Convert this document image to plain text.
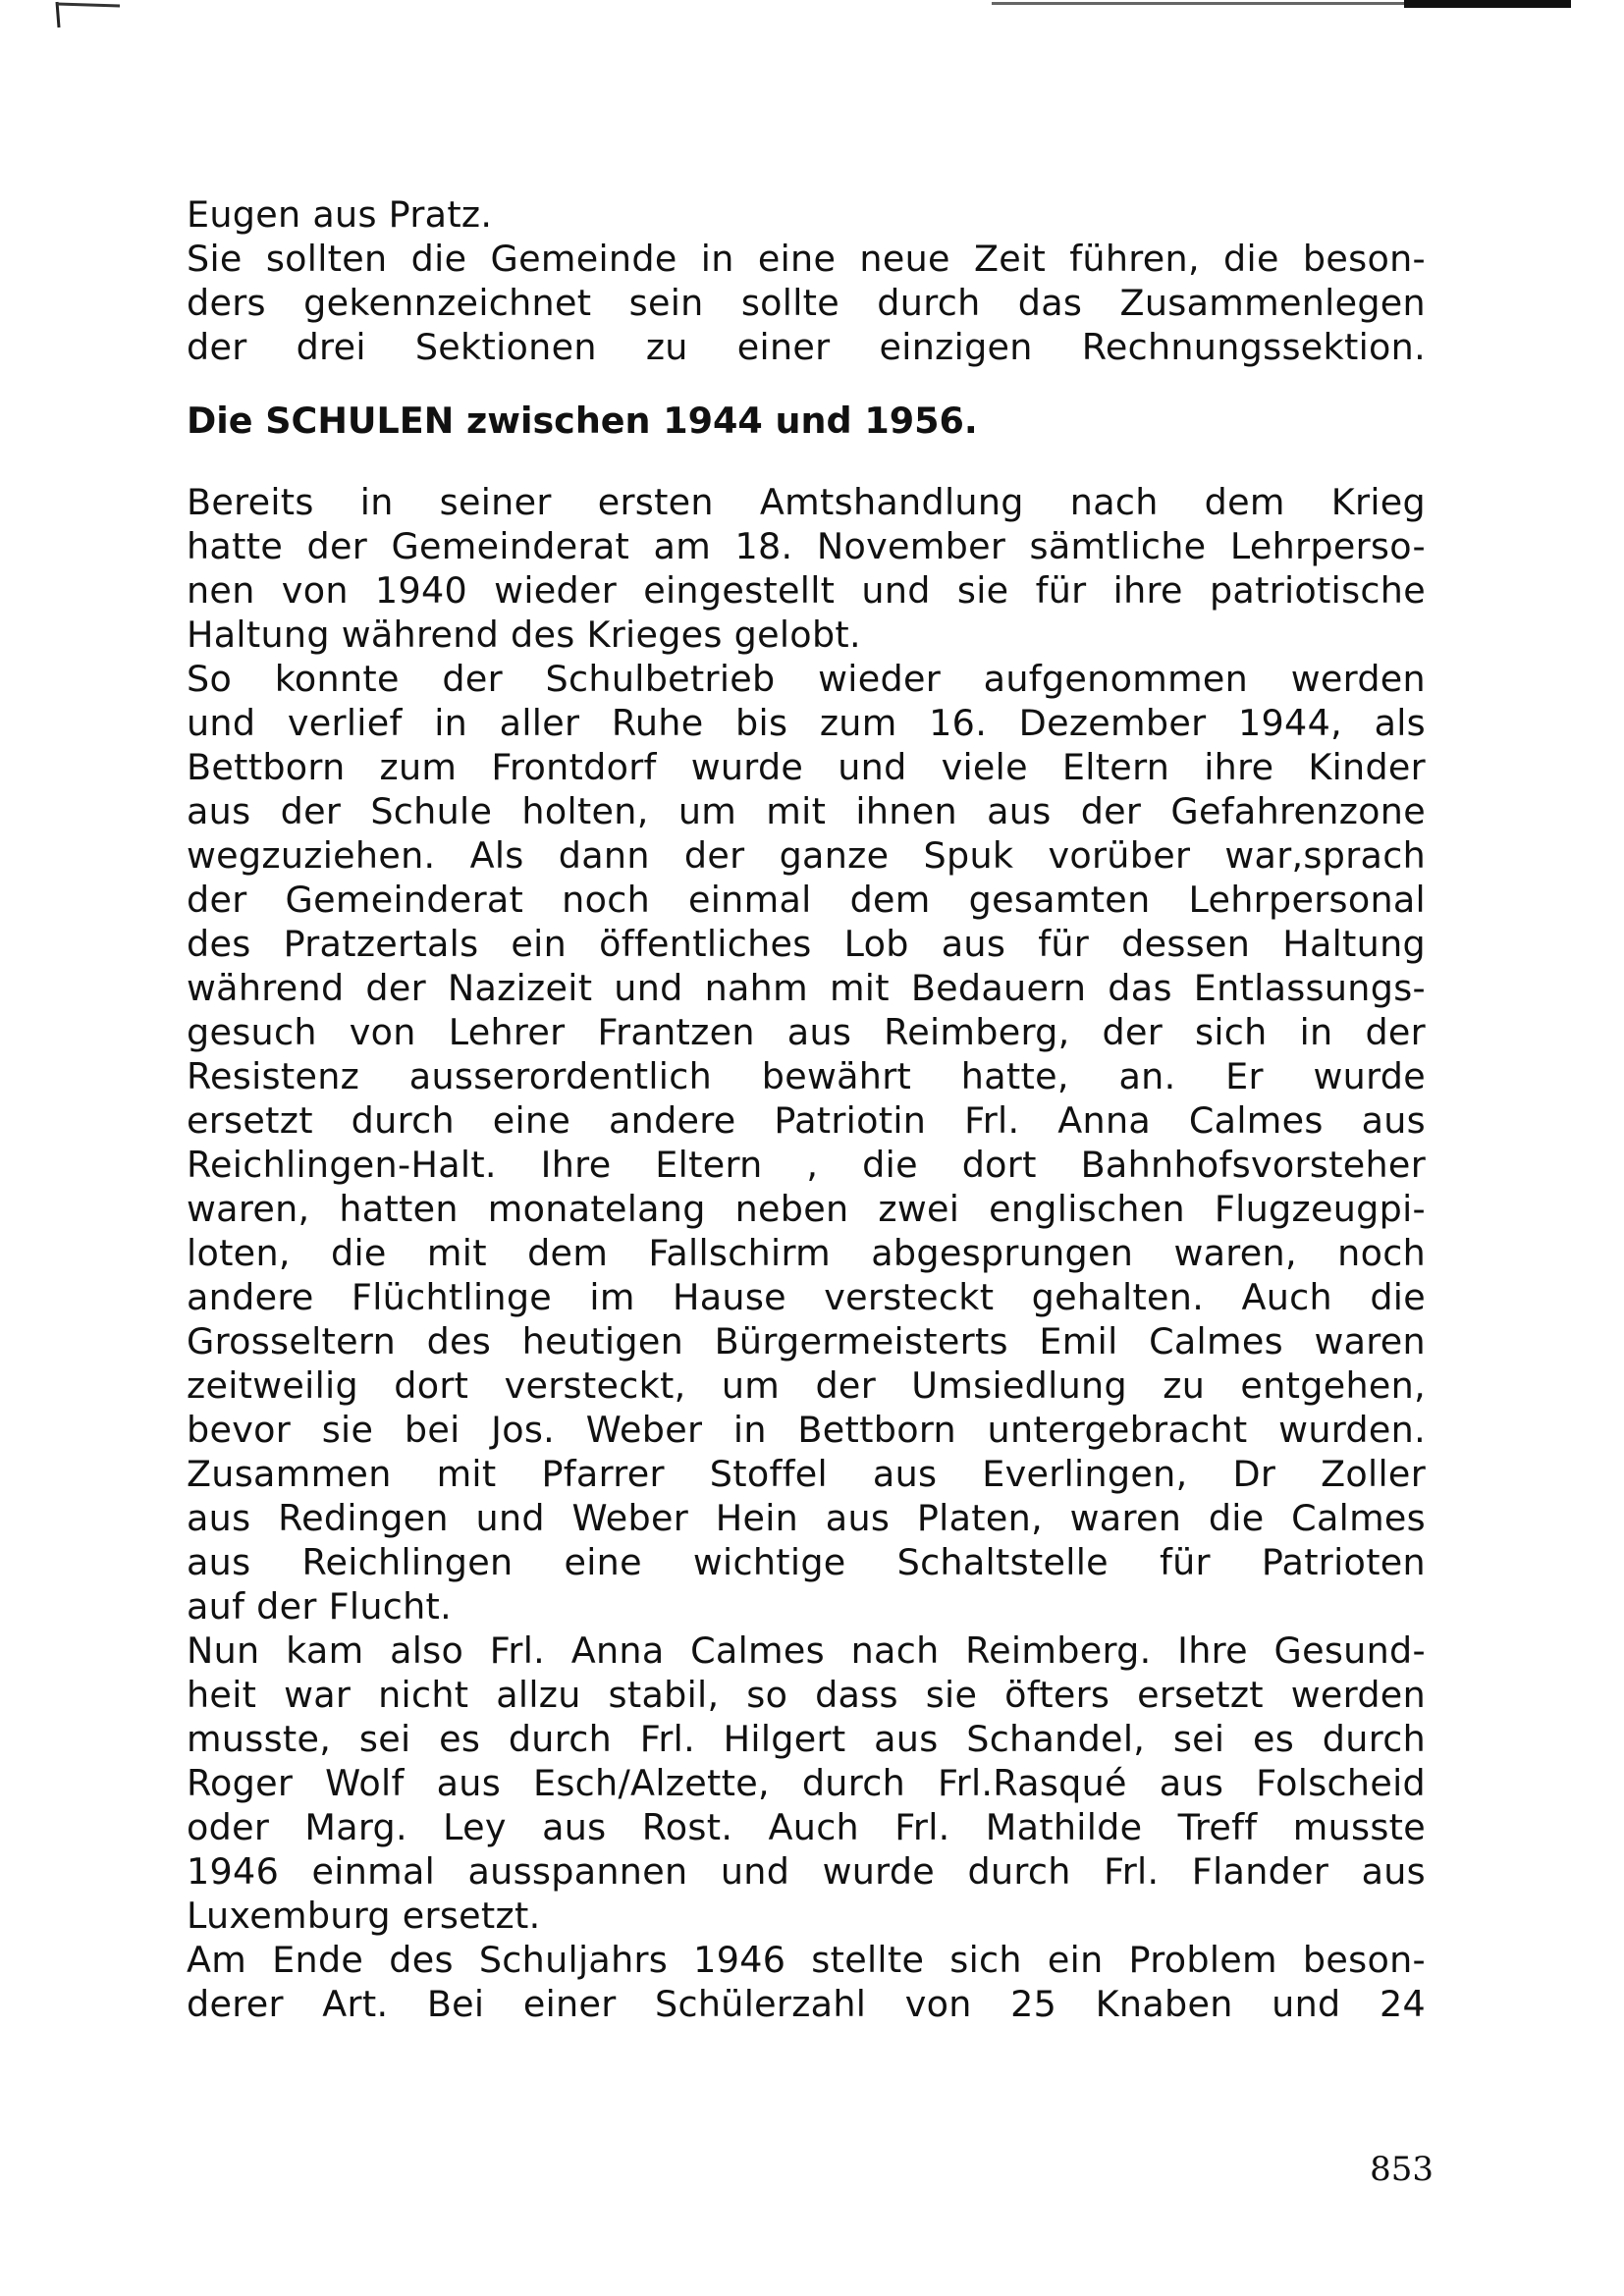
Eugen aus Pratz.
Sie sollten die Gemeinde in eine neue Zeit führen, die beson-
ders gekennzeichnet sein sollte durch das Zusammenlegen
der drei Sektionen zu einer einzigen Rechnungssektion.
Die SCHULEN zwischen 1944 und 1956.
Bereits in seiner ersten Amtshandlung nach dem Krieg
hatte der Gemeinderat am 18. November sämtliche Lehrperso-
nen von 1940 wieder eingestellt und sie für ihre patriotische
Haltung während des Krieges gelobt.
So konnte der Schulbetrieb wieder aufgenommen werden
und verlief in aller Ruhe bis zum 16. Dezember 1944, als
Bettborn zum Frontdorf wurde und viele Eltern ihre Kinder
aus der Schule holten, um mit ihnen aus der Gefahrenzone
wegzuziehen. Als dann der ganze Spuk vorüber war,sprach
der Gemeinderat noch einmal dem gesamten Lehrpersonal
des Pratzertals ein öffentliches Lob aus für dessen Haltung
während der Nazizeit und nahm mit Bedauern das Entlassungs-
gesuch von Lehrer Frantzen aus Reimberg, der sich in der
Resistenz ausserordentlich bewährt hatte, an. Er wurde
ersetzt durch eine andere Patriotin Frl. Anna Calmes aus
Reichlingen-Halt. Ihre Eltern , die dort Bahnhofsvorsteher
waren, hatten monatelang neben zwei englischen Flugzeugpi-
loten, die mit dem Fallschirm abgesprungen waren, noch
andere Flüchtlinge im Hause versteckt gehalten. Auch die
Grosseltern des heutigen Bürgermeisterts Emil Calmes waren
zeitweilig dort versteckt, um der Umsiedlung zu entgehen,
bevor sie bei Jos. Weber in Bettborn untergebracht wurden.
Zusammen mit Pfarrer Stoffel aus Everlingen, Dr Zoller
aus Redingen und Weber Hein aus Platen, waren die Calmes
aus Reichlingen eine wichtige Schaltstelle für Patrioten
auf der Flucht.
Nun kam also Frl. Anna Calmes nach Reimberg. Ihre Gesund-
heit war nicht allzu stabil, so dass sie öfters ersetzt werden
musste, sei es durch Frl. Hilgert aus Schandel, sei es durch
Roger Wolf aus Esch/Alzette, durch Frl.Rasqué aus Folscheid
oder Marg. Ley aus Rost. Auch Frl. Mathilde Treff musste
1946 einmal ausspannen und wurde durch Frl. Flander aus
Luxemburg ersetzt.
Am Ende des Schuljahrs 1946 stellte sich ein Problem beson-
derer Art. Bei einer Schülerzahl von 25 Knaben und 24
853
